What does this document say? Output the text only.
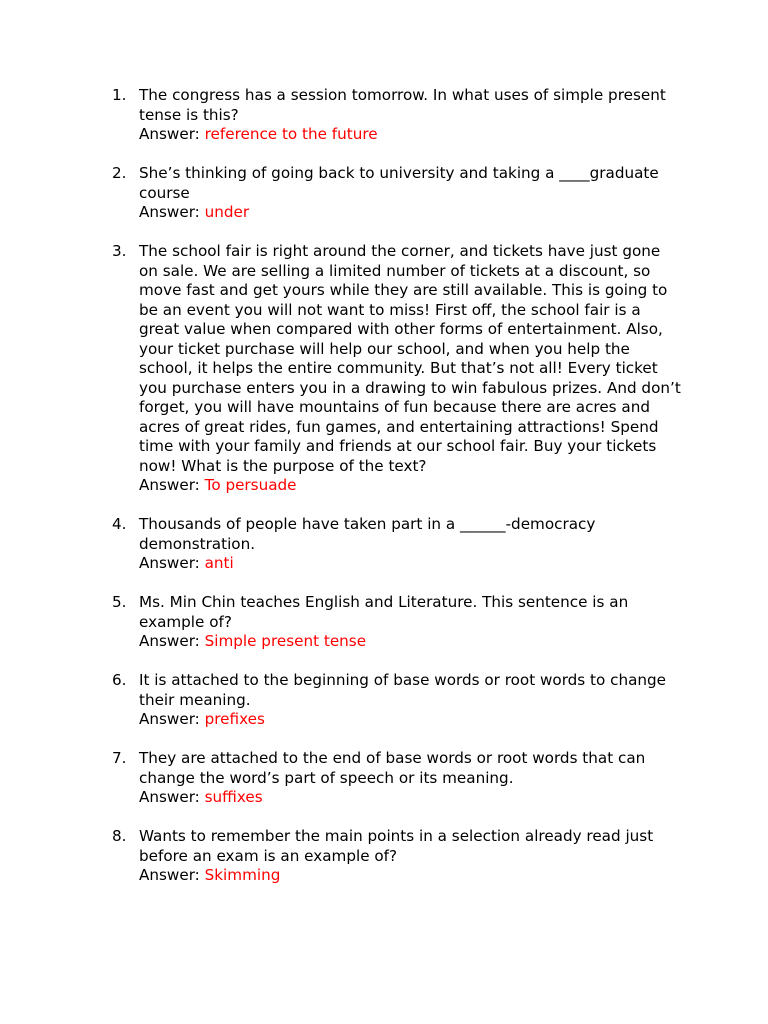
1. The congress has a session tomorrow. In what uses of simple present tense is this?
Answer: reference to the future
2. She’s thinking of going back to university and taking a ____graduate course
Answer: under
3. The school fair is right around the corner, and tickets have just gone on sale. We are selling a limited number of tickets at a discount, so move fast and get yours while they are still available. This is going to be an event you will not want to miss! First off, the school fair is a great value when compared with other forms of entertainment. Also, your ticket purchase will help our school, and when you help the school, it helps the entire community. But that’s not all! Every ticket you purchase enters you in a drawing to win fabulous prizes. And don’t forget, you will have mountains of fun because there are acres and acres of great rides, fun games, and entertaining attractions! Spend time with your family and friends at our school fair. Buy your tickets now! What is the purpose of the text?
Answer: To persuade
4. Thousands of people have taken part in a ______-democracy demonstration.
Answer: anti
5. Ms. Min Chin teaches English and Literature. This sentence is an example of?
Answer: Simple present tense
6. It is attached to the beginning of base words or root words to change their meaning.
Answer: prefixes
7. They are attached to the end of base words or root words that can change the word’s part of speech or its meaning.
Answer: suffixes
8. Wants to remember the main points in a selection already read just before an exam is an example of?
Answer: Skimming
